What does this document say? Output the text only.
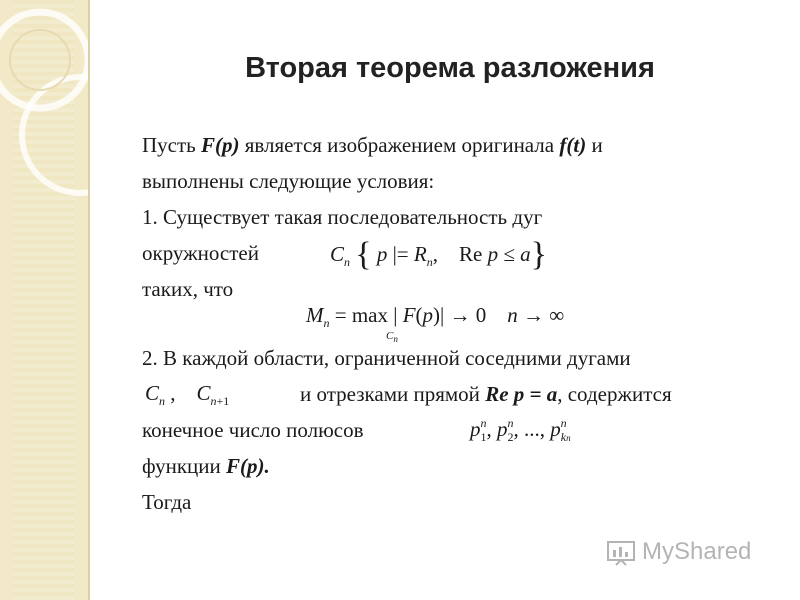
Вторая теорема разложения
Пусть F(p) является изображением оригинала f(t) и
выполнены следующие условия:
1. Существует такая последовательность дуг
окружностей	$C_n$ { p |= $R_n$,    Re p ≤ a}
таких, что
$M_n = \max$ | F(p)| → 0    n → ∞
$C_n$
2. В каждой области, ограниченной соседними дугами
$C_n$ ,    $C_{n+1}$	и отрезками прямой Re p = a, содержится
конечное число полюсов	$p_1^n$, $p_2^n$, ..., $p_{kn}^n$
функции F(p).
Тогда
MyShared
